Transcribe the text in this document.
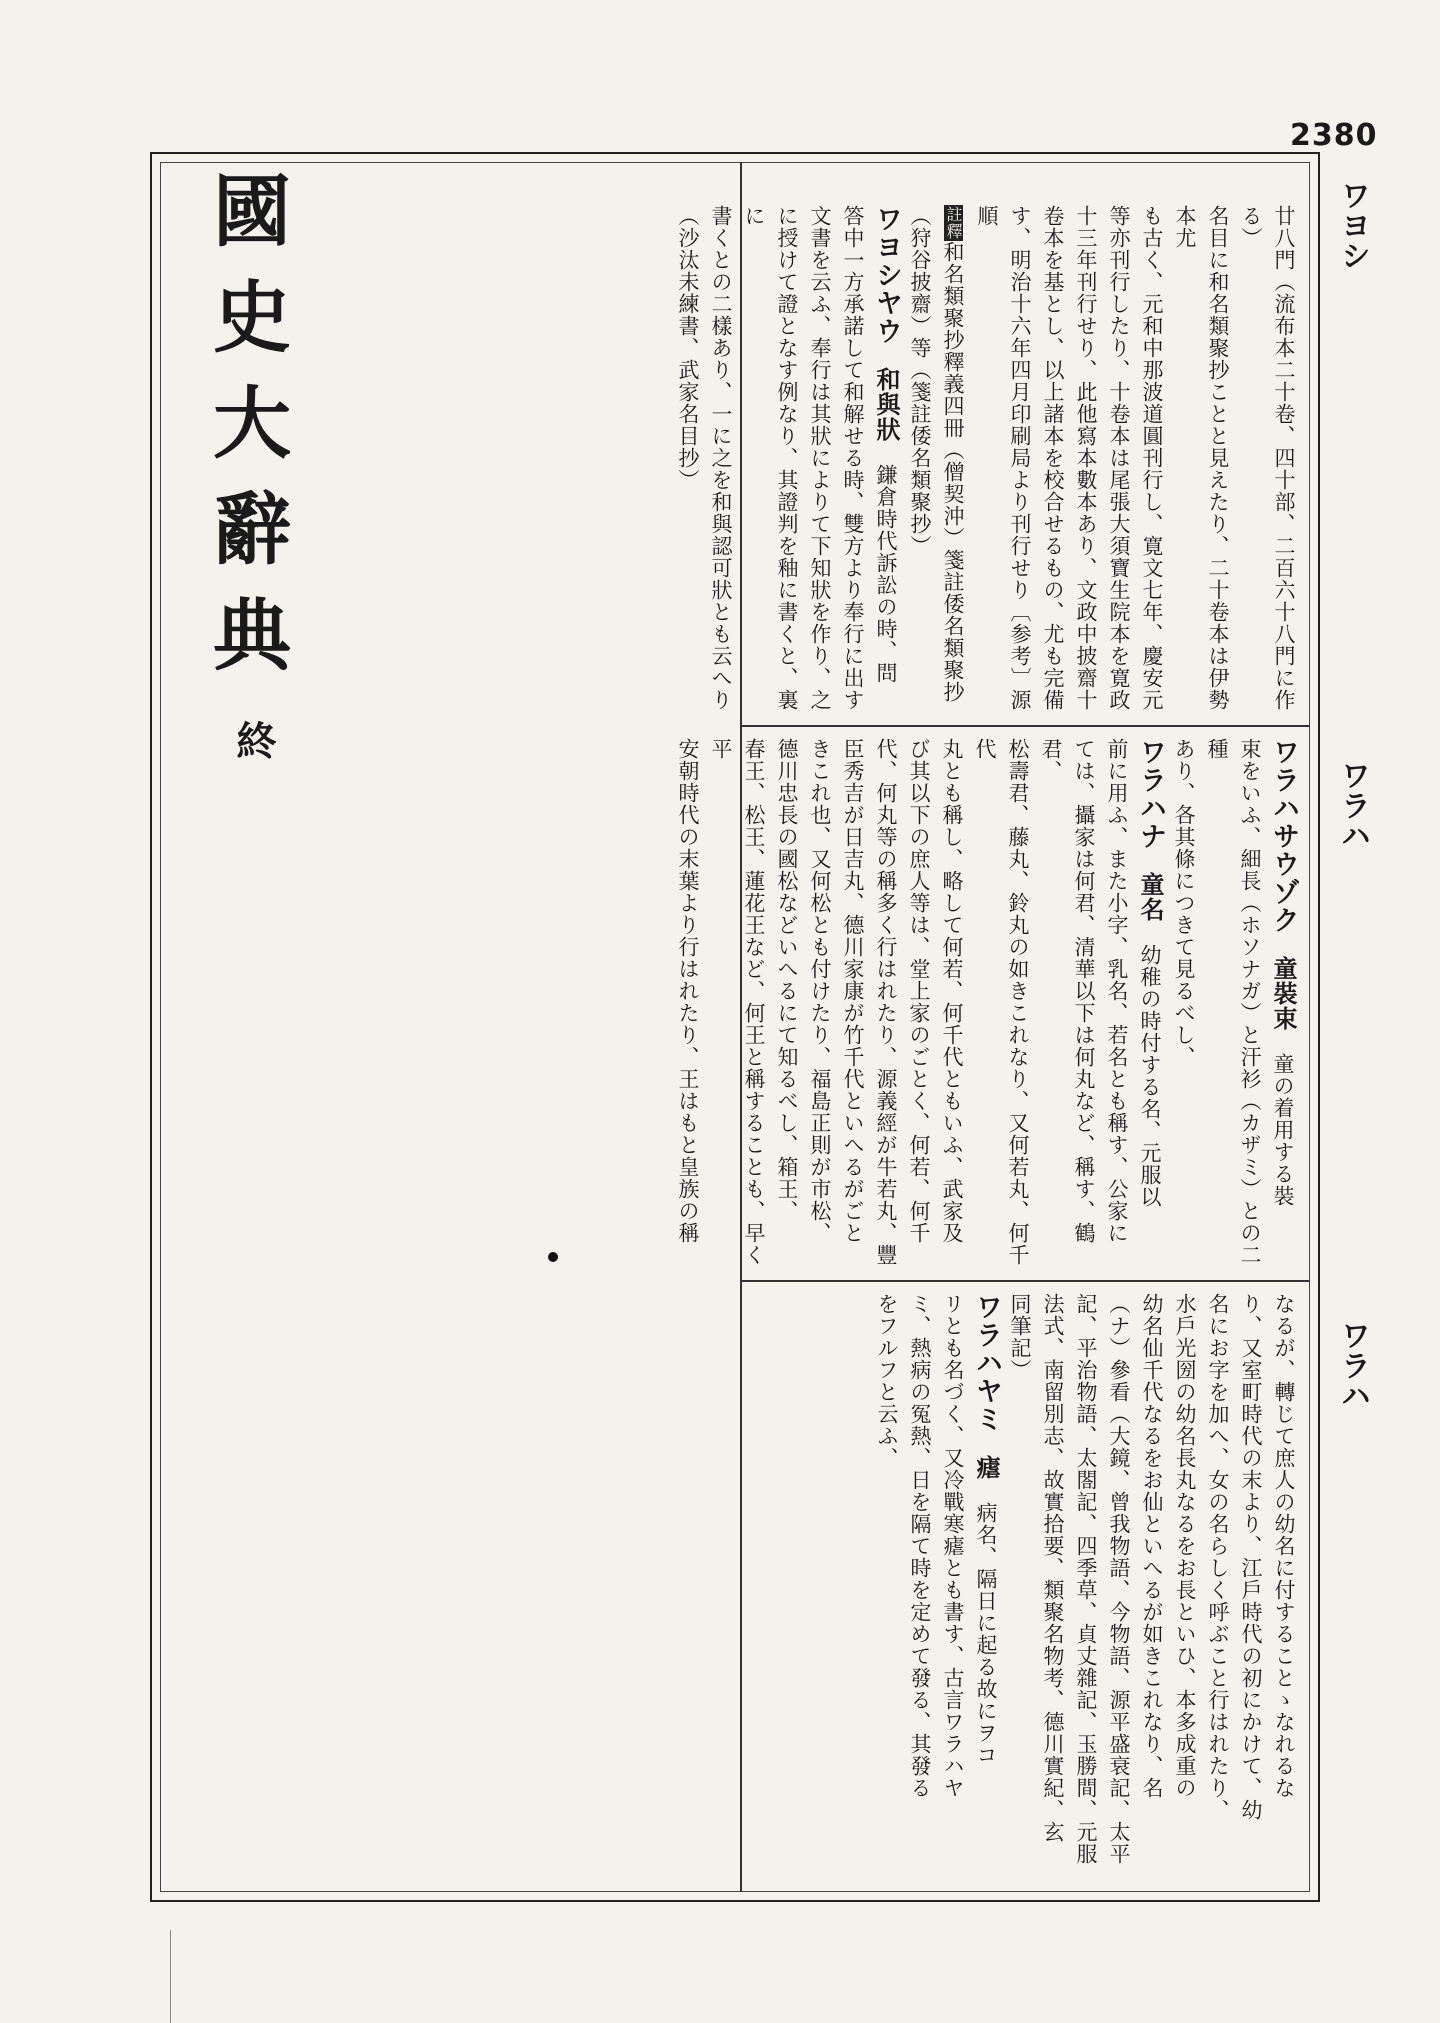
2380
國史大辭典
終
ワヨシ
ワラハ
ワラハ

廿八門（流布本二十卷、四十部、二百六十八門に作る）

名目に和名類聚抄ことと見えたり、二十卷本は伊勢本尤

も古く、元和中那波道圓刊行し、寛文七年、慶安元

等亦刊行したり、十卷本は尾張大須寶生院本を寛政

十三年刊行せり、此他寫本數本あり、文政中披齋十

卷本を基とし、以上諸本を校合せるもの、尤も完備

す、明治十六年四月印刷局より刊行せり〔参考〕源順

註釋和名類聚抄釋義四冊（僧契沖）箋註倭名類聚抄

（狩谷披齋）等（箋註倭名類聚抄）

ワヨシヤウ　和與狀　鎌倉時代訴訟の時、問

答中一方承諾して和解せる時、雙方より奉行に出す

文書を云ふ、奉行は其狀によりて下知狀を作り、之

に授けて證となす例なり、其證判を釉に書くと、裏に

書くとの二樣あり、一に之を和與認可狀とも云へり

（沙汰未練書、武家名目抄）

ワラハサウゾク　童裝束　童の着用する裝

束をいふ、細長（ホソナガ）と汗衫（カザミ）との二種

あり、各其條につきて見るべし、

ワラハナ　童名　幼稚の時付する名、元服以

前に用ふ、また小字、乳名、若名とも稱す、公家に

ては、攝家は何君、清華以下は何丸など、稱す、鶴君、

松壽君、藤丸、鈴丸の如きこれなり、又何若丸、何千代

丸とも稱し、略して何若、何千代ともいふ、武家及

び其以下の庶人等は、堂上家のごとく、何若、何千

代、何丸等の稱多く行はれたり、源義經が牛若丸、豐

臣秀吉が日吉丸、德川家康が竹千代といへるがごと

きこれ也、又何松とも付けたり、福島正則が市松、

德川忠長の國松などいへるにて知るべし、箱王、

春王、松王、蓮花王など、何王と稱することも、早く平

安朝時代の末葉より行はれたり、王はもと皇族の稱

なるが、轉じて庶人の幼名に付することゝなれるな

り、又室町時代の末より、江戶時代の初にかけて、幼

名にお字を加へ、女の名らしく呼ぶこと行はれたり、

水戶光圀の幼名長丸なるをお長といひ、本多成重の

幼名仙千代なるをお仙といへるが如きこれなり、名

（ナ）參看（大鏡、曾我物語、今物語、源平盛衰記、太平

記、平治物語、太閤記、四季草、貞丈雜記、玉勝間、元服

法式、南留別志、故實拾要、類聚名物考、德川實紀、玄

同筆記）

ワラハヤミ　瘧　病名、隔日に起る故にヲコ

リとも名づく、又冷戰寒瘧とも書す、古言ワラハヤ

ミ、熱病の冤熱、日を隔て時を定めて發る、其發る

をフルフと云ふ、
